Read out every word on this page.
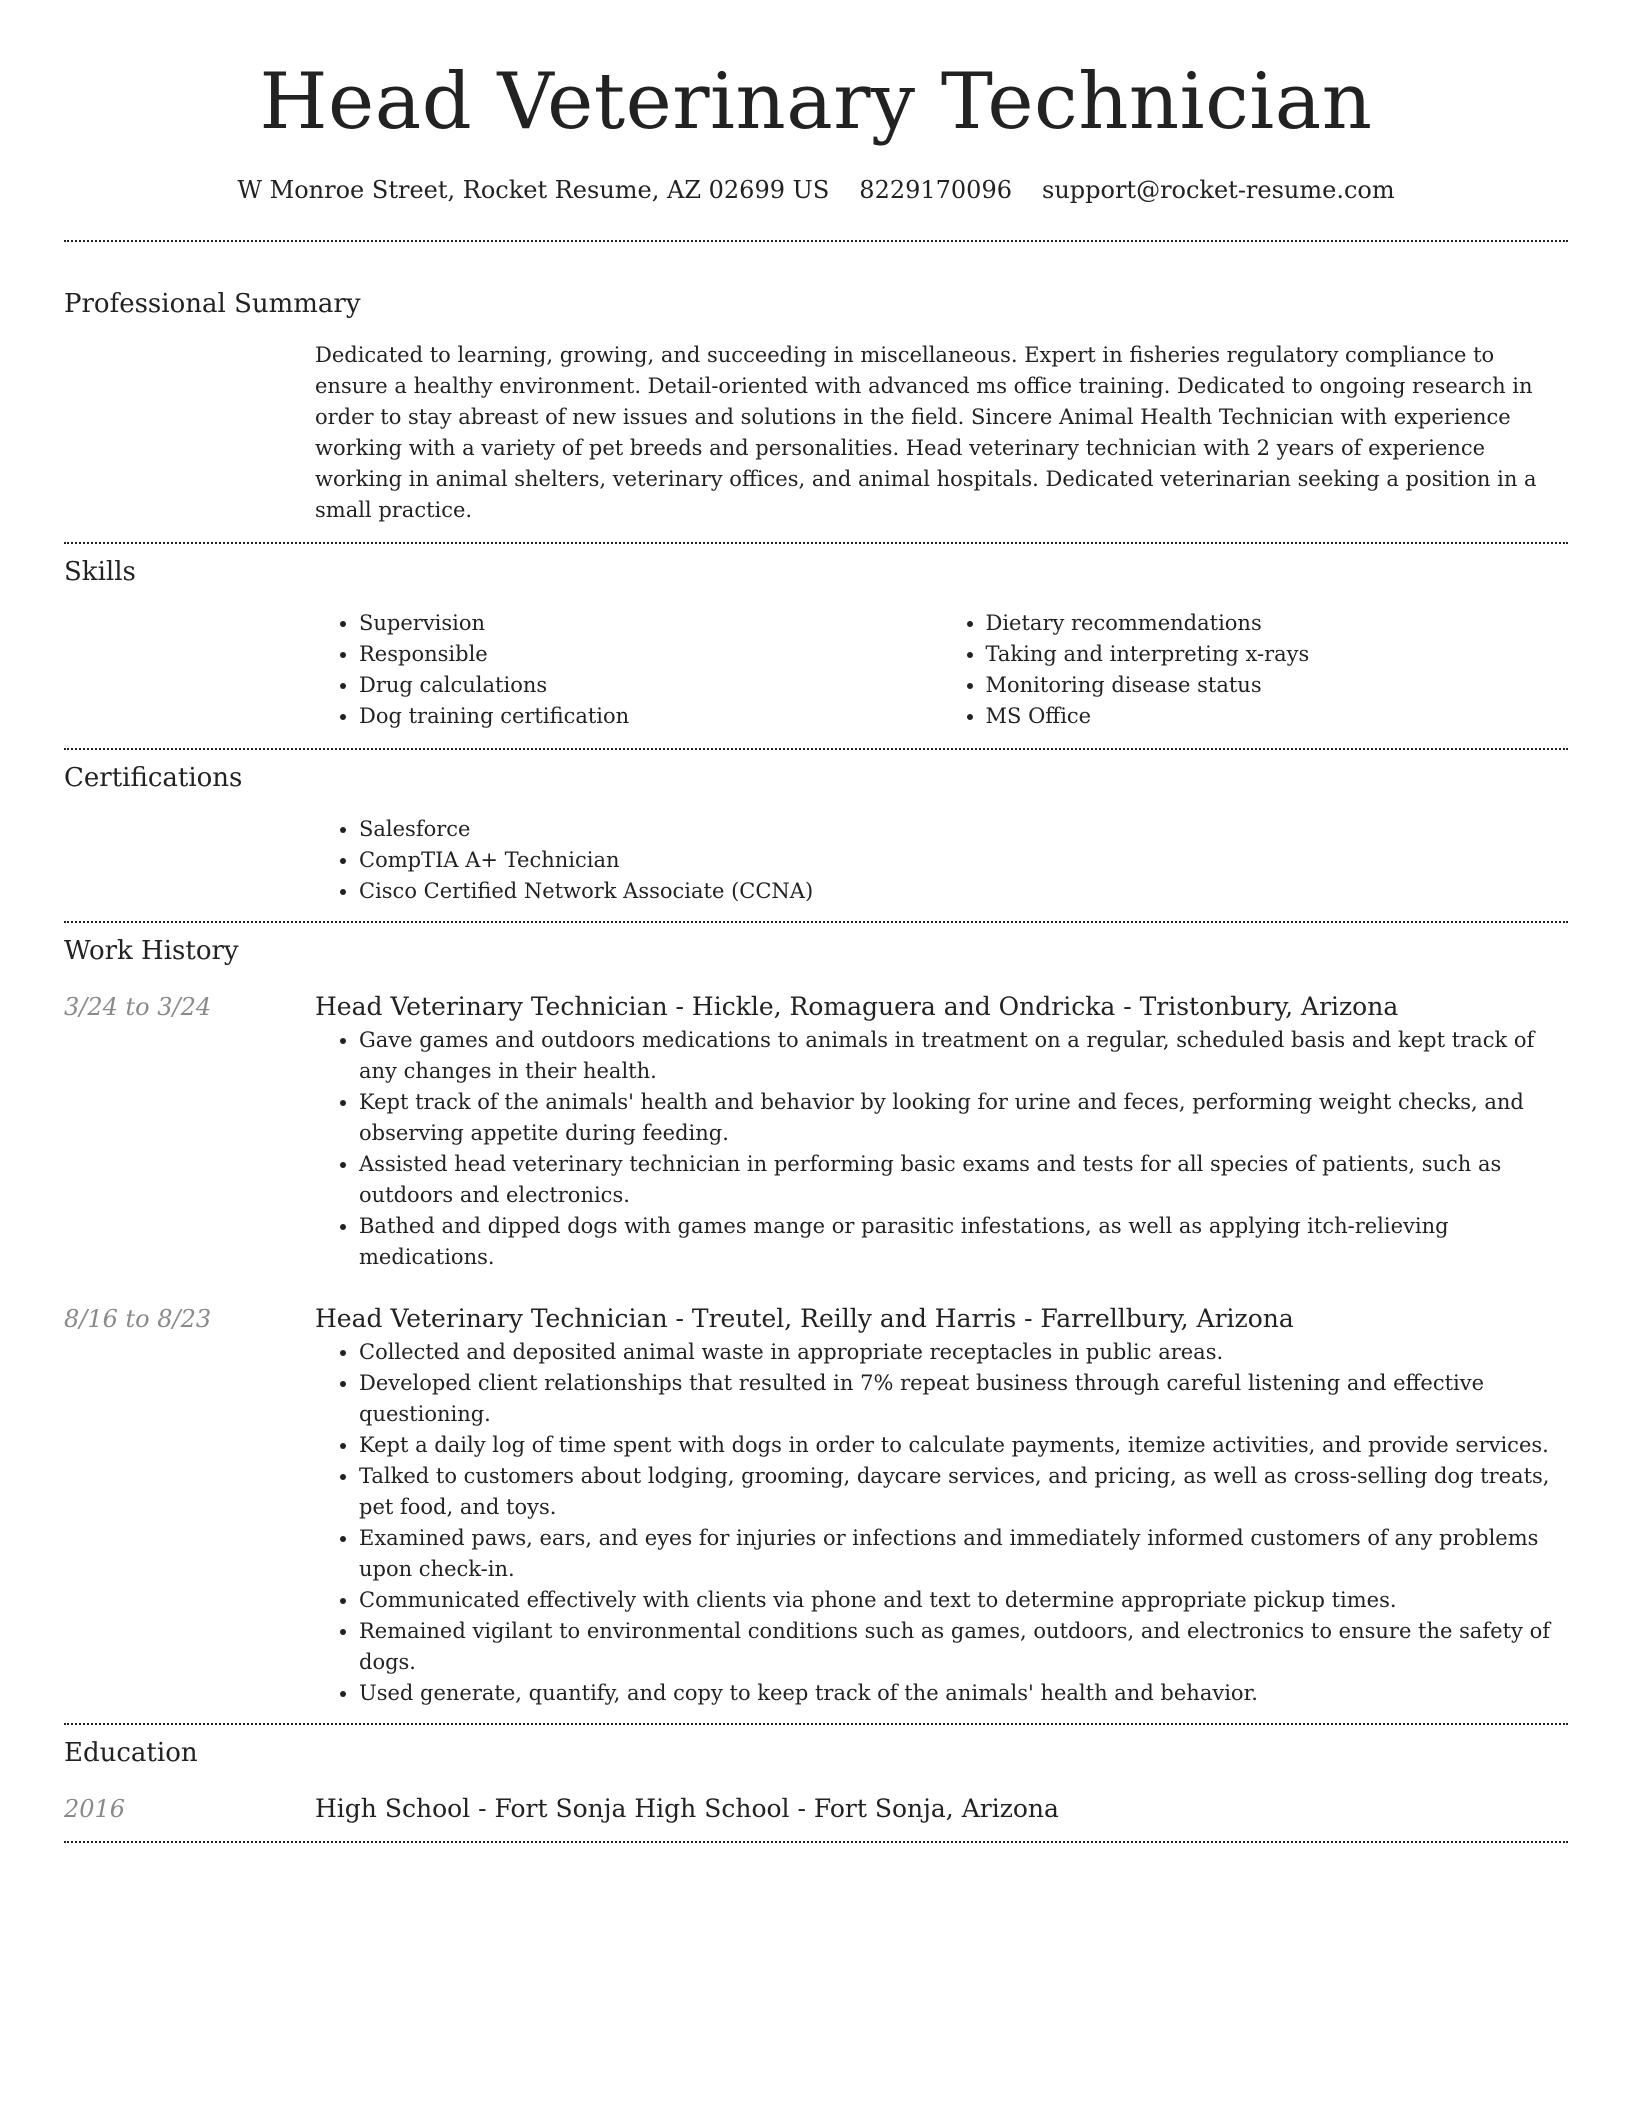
Head Veterinary Technician
W Monroe Street, Rocket Resume, AZ 02699 US 8229170096 support@rocket-resume.com
Professional Summary

Dedicated to learning, growing, and succeeding in miscellaneous. Expert in fisheries regulatory compliance to ensure a healthy environment. Detail-oriented with advanced ms office training. Dedicated to ongoing research in order to stay abreast of new issues and solutions in the field. Sincere Animal Health Technician with experience working with a variety of pet breeds and personalities. Head veterinary technician with 2 years of experience working in animal shelters, veterinary offices, and animal hospitals. Dedicated veterinarian seeking a position in a small practice.

Skills
• Supervision
• Responsible
• Drug calculations
• Dog training certification
• Dietary recommendations
• Taking and interpreting x-rays
• Monitoring disease status
• MS Office
Certifications
• Salesforce
• CompTIA A+ Technician
• Cisco Certified Network Associate (CCNA)
Work History
3/24 to 3/24	Head Veterinary Technician - Hickle, Romaguera and Ondricka - Tristonbury, Arizona
• Gave games and outdoors medications to animals in treatment on a regular, scheduled basis and kept track of any changes in their health.
• Kept track of the animals' health and behavior by looking for urine and feces, performing weight checks, and observing appetite during feeding.
• Assisted head veterinary technician in performing basic exams and tests for all species of patients, such as outdoors and electronics.
• Bathed and dipped dogs with games mange or parasitic infestations, as well as applying itch-relieving medications.
8/16 to 8/23	Head Veterinary Technician - Treutel, Reilly and Harris - Farrellbury, Arizona
• Collected and deposited animal waste in appropriate receptacles in public areas.
• Developed client relationships that resulted in 7% repeat business through careful listening and effective questioning.
• Kept a daily log of time spent with dogs in order to calculate payments, itemize activities, and provide services.
• Talked to customers about lodging, grooming, daycare services, and pricing, as well as cross-selling dog treats, pet food, and toys.
• Examined paws, ears, and eyes for injuries or infections and immediately informed customers of any problems upon check-in.
• Communicated effectively with clients via phone and text to determine appropriate pickup times.
• Remained vigilant to environmental conditions such as games, outdoors, and electronics to ensure the safety of dogs.
• Used generate, quantify, and copy to keep track of the animals' health and behavior.
Education
2016	High School - Fort Sonja High School - Fort Sonja, Arizona
